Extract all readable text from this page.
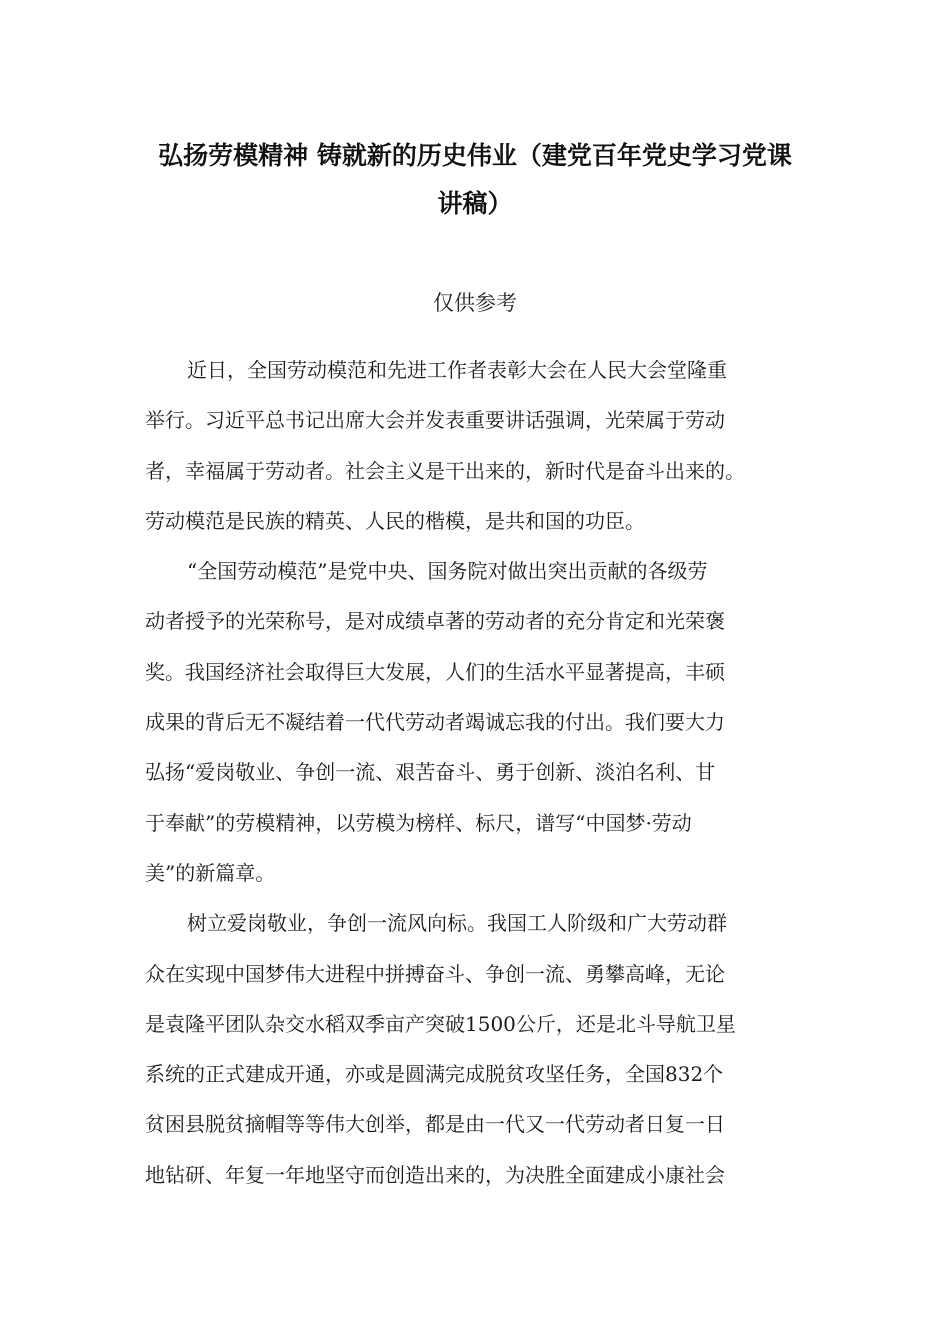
弘扬劳模精神 铸就新的历史伟业（建党百年党史学习党课
讲稿）
仅供参考
近日，全国劳动模范和先进工作者表彰大会在人民大会堂隆重
举行。习近平总书记出席大会并发表重要讲话强调，光荣属于劳动
者，幸福属于劳动者。社会主义是干出来的，新时代是奋斗出来的。
劳动模范是民族的精英、人民的楷模，是共和国的功臣。
“全国劳动模范”是党中央、国务院对做出突出贡献的各级劳
动者授予的光荣称号，是对成绩卓著的劳动者的充分肯定和光荣褒
奖。我国经济社会取得巨大发展，人们的生活水平显著提高，丰硕
成果的背后无不凝结着一代代劳动者竭诚忘我的付出。我们要大力
弘扬“爱岗敬业、争创一流、艰苦奋斗、勇于创新、淡泊名利、甘
于奉献”的劳模精神，以劳模为榜样、标尺，谱写“中国梦·劳动
美”的新篇章。
树立爱岗敬业，争创一流风向标。我国工人阶级和广大劳动群
众在实现中国梦伟大进程中拼搏奋斗、争创一流、勇攀高峰，无论
是袁隆平团队杂交水稻双季亩产突破1500公斤，还是北斗导航卫星
系统的正式建成开通，亦或是圆满完成脱贫攻坚任务，全国832个
贫困县脱贫摘帽等等伟大创举，都是由一代又一代劳动者日复一日
地钻研、年复一年地坚守而创造出来的，为决胜全面建成小康社会
